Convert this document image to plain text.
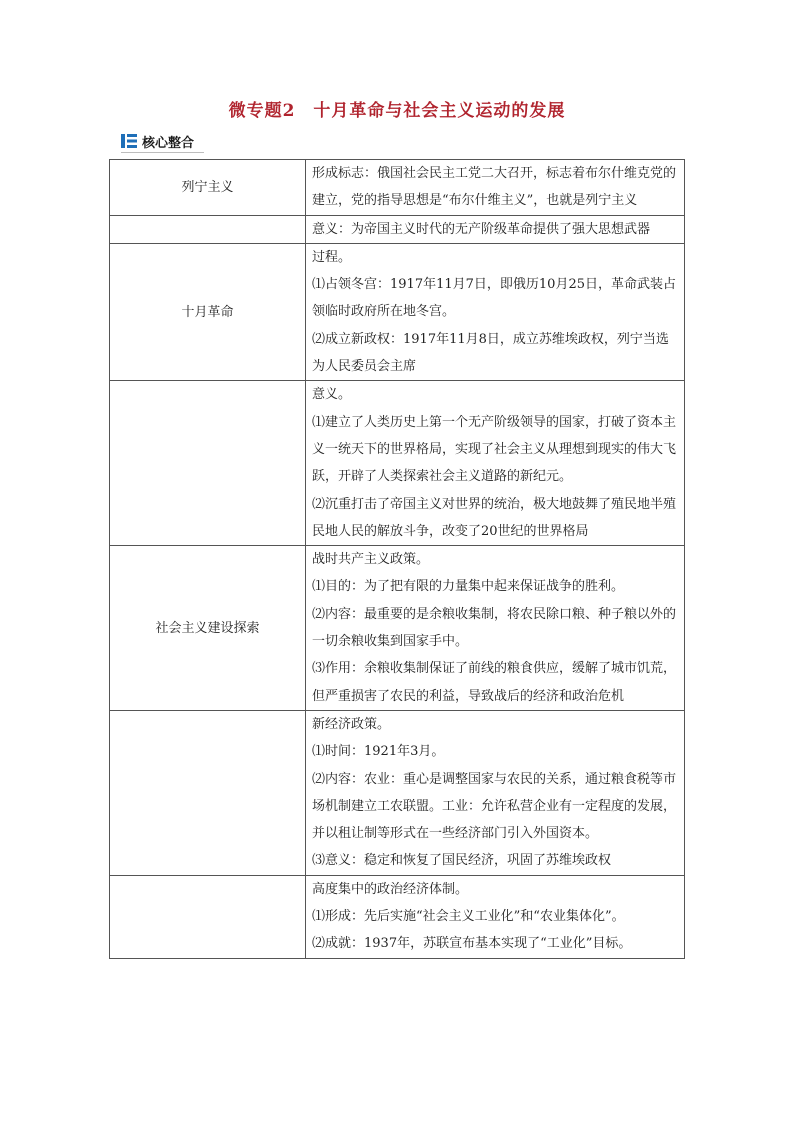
微专题2　十月革命与社会主义运动的发展
核心整合
列宁主义	形成标志：俄国社会民主工党二大召开，标志着布尔什维克党的建立，党的指导思想是“布尔什维主义”，也就是列宁主义

	意义：为帝国主义时代的无产阶级革命提供了强大思想武器

十月革命	过程。
⑴占领冬宫：1917年11月7日，即俄历10月25日，革命武装占领临时政府所在地冬宫。
⑵成立新政权：1917年11月8日，成立苏维埃政权，列宁当选为人民委员会主席

	意义。
⑴建立了人类历史上第一个无产阶级领导的国家，打破了资本主义一统天下的世界格局，实现了社会主义从理想到现实的伟大飞跃，开辟了人类探索社会主义道路的新纪元。
⑵沉重打击了帝国主义对世界的统治，极大地鼓舞了殖民地半殖民地人民的解放斗争，改变了20世纪的世界格局

社会主义建设探索	战时共产主义政策。
⑴目的：为了把有限的力量集中起来保证战争的胜利。
⑵内容：最重要的是余粮收集制，将农民除口粮、种子粮以外的一切余粮收集到国家手中。
⑶作用：余粮收集制保证了前线的粮食供应，缓解了城市饥荒，但严重损害了农民的利益，导致战后的经济和政治危机

	新经济政策。
⑴时间：1921年3月。
⑵内容：农业：重心是调整国家与农民的关系，通过粮食税等市场机制建立工农联盟。工业：允许私营企业有一定程度的发展，并以租让制等形式在一些经济部门引入外国资本。
⑶意义：稳定和恢复了国民经济，巩固了苏维埃政权

	高度集中的政治经济体制。
⑴形成：先后实施“社会主义工业化”和“农业集体化”。
⑵成就：1937年，苏联宣布基本实现了“工业化”目标。
